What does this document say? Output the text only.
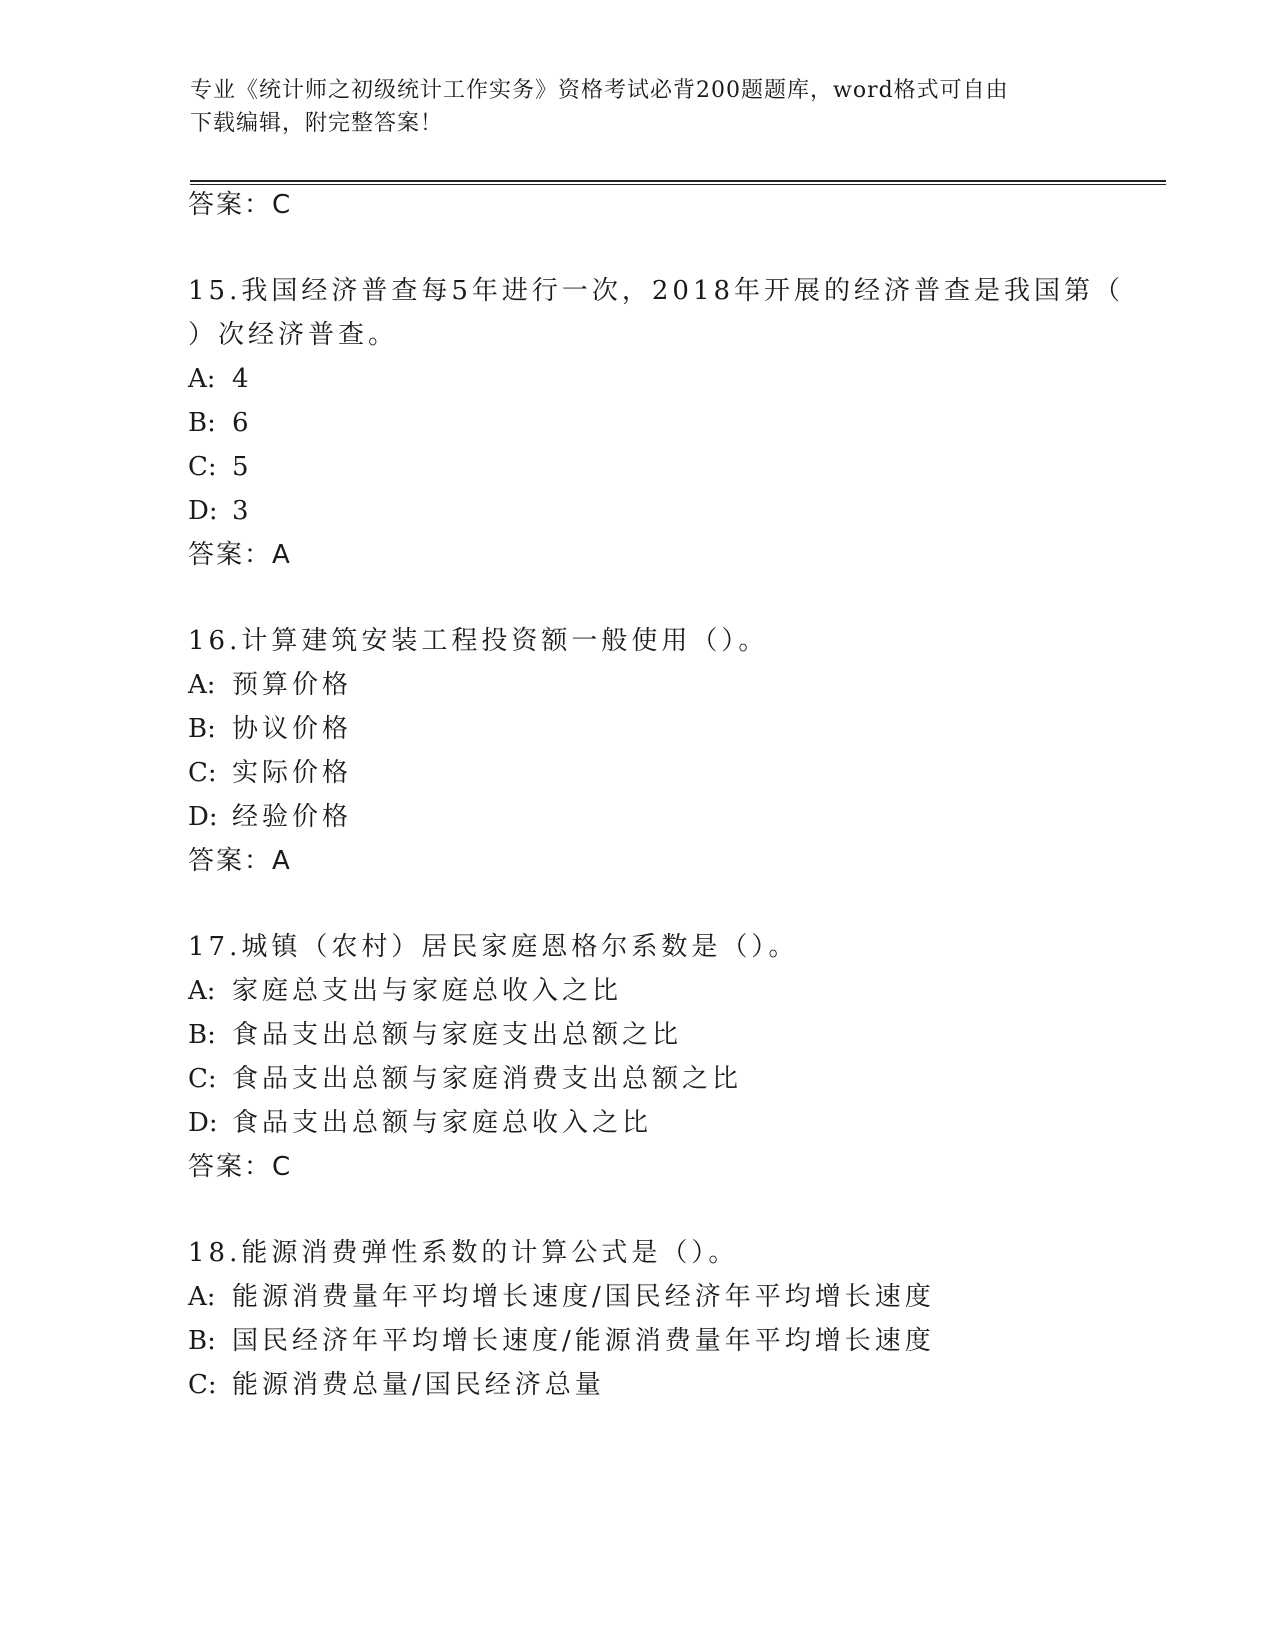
专业《统计师之初级统计工作实务》资格考试必背200题题库，word格式可自由
下载编辑，附完整答案！
答案：C
15.我国经济普查每5年进行一次，2018年开展的经济普查是我国第（
）次经济普查。
A: 4
B: 6
C: 5
D: 3
答案：A
16.计算建筑安装工程投资额一般使用（）。
A: 预算价格
B: 协议价格
C: 实际价格
D: 经验价格
答案：A
17.城镇（农村）居民家庭恩格尔系数是（）。
A: 家庭总支出与家庭总收入之比
B: 食品支出总额与家庭支出总额之比
C: 食品支出总额与家庭消费支出总额之比
D: 食品支出总额与家庭总收入之比
答案：C
18.能源消费弹性系数的计算公式是（）。
A: 能源消费量年平均增长速度/国民经济年平均增长速度
B: 国民经济年平均增长速度/能源消费量年平均增长速度
C: 能源消费总量/国民经济总量
